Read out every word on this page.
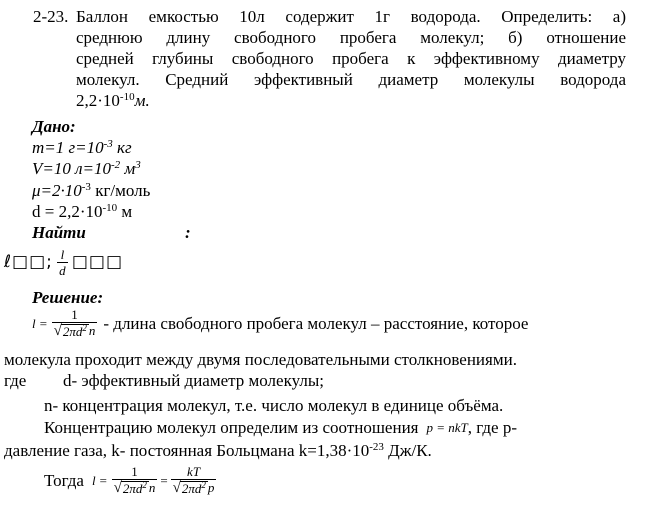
2-23. Баллон емкостью 10л содержит 1г водорода. Определить: а)
среднюю длину свободного пробега молекул; б) отношение
средней глубины свободного пробега к эффективному диаметру
молекул. Средний эффективный диаметр молекулы водорода
$2,2\cdot 10^{-10}м$.
Дано:
m=1 $г=10^{-3}$ кг
V=10 $л=10^{-2}$ $м^3$
$\mu=2\cdot 10^{-3}$ кг/моль
$d = 2,2\cdot 10^{-10}$ м
Найти	:
ℓ□□; $\frac{l}{d}$ □□□
Решение:
$l = \frac{1}{√ 2\pi d^2 n}$ - длина свободного пробега молекул – расстояние, которое
молекула проходит между двумя последовательными столкновениями.
где d- эффективный диаметр молекулы;
n- концентрация молекул, т.е. число молекул в единице объёма.
Концентрацию молекул определим из соотношения p = nkT , где p-
давление газа, k- постоянная Больцмана $k=1,38\cdot 10^{-23}$ Дж/К.
Тогда $l = \frac{1}{√ 2\pi d^2 n} = \frac{kT}{√ 2\pi d^2 p}$
